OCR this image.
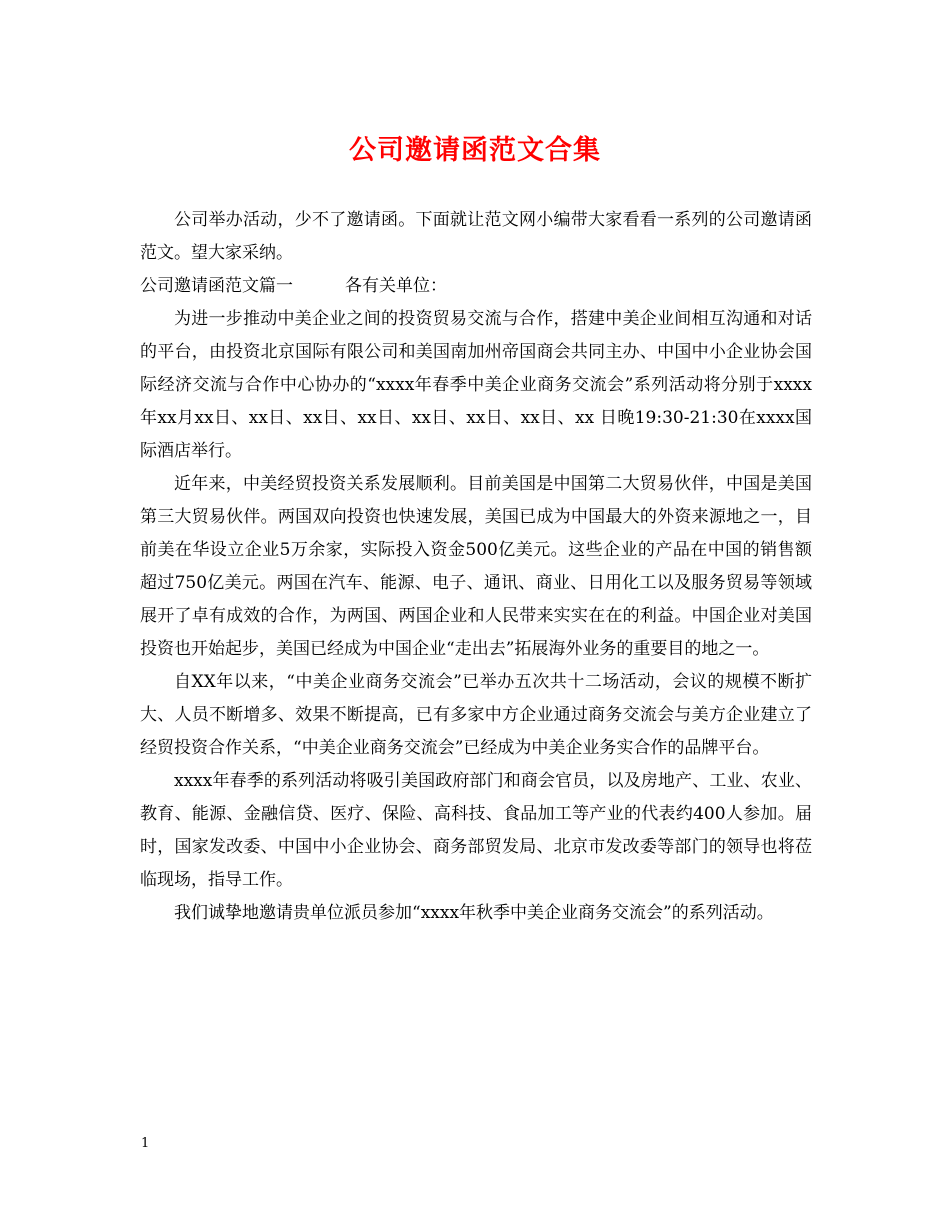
公司邀请函范文合集

公司举办活动，少不了邀请函。下面就让范文网小编带大家看看一系列的公司邀请函范文。望大家采纳。

公司邀请函范文篇一	各有关单位：

为进一步推动中美企业之间的投资贸易交流与合作，搭建中美企业间相互沟通和对话的平台，由投资北京国际有限公司和美国南加州帝国商会共同主办、中国中小企业协会国际经济交流与合作中心协办的“xxxx年春季中美企业商务交流会”系列活动将分别于xxxx年xx月xx日、xx日、xx日、xx日、xx日、xx日、xx日、xx 日晚19:30-21:30在xxxx国际酒店举行。

近年来，中美经贸投资关系发展顺利。目前美国是中国第二大贸易伙伴，中国是美国第三大贸易伙伴。两国双向投资也快速发展，美国已成为中国最大的外资来源地之一，目前美在华设立企业5万余家，实际投入资金500亿美元。这些企业的产品在中国的销售额超过750亿美元。两国在汽车、能源、电子、通讯、商业、日用化工以及服务贸易等领域展开了卓有成效的合作，为两国、两国企业和人民带来实实在在的利益。中国企业对美国投资也开始起步，美国已经成为中国企业“走出去”拓展海外业务的重要目的地之一。

自XX年以来，“中美企业商务交流会”已举办五次共十二场活动，会议的规模不断扩大、人员不断增多、效果不断提高，已有多家中方企业通过商务交流会与美方企业建立了经贸投资合作关系，“中美企业商务交流会”已经成为中美企业务实合作的品牌平台。

xxxx年春季的系列活动将吸引美国政府部门和商会官员，以及房地产、工业、农业、教育、能源、金融信贷、医疗、保险、高科技、食品加工等产业的代表约400人参加。届时，国家发改委、中国中小企业协会、商务部贸发局、北京市发改委等部门的领导也将莅临现场，指导工作。

我们诚挚地邀请贵单位派员参加“xxxx年秋季中美企业商务交流会”的系列活动。

1
